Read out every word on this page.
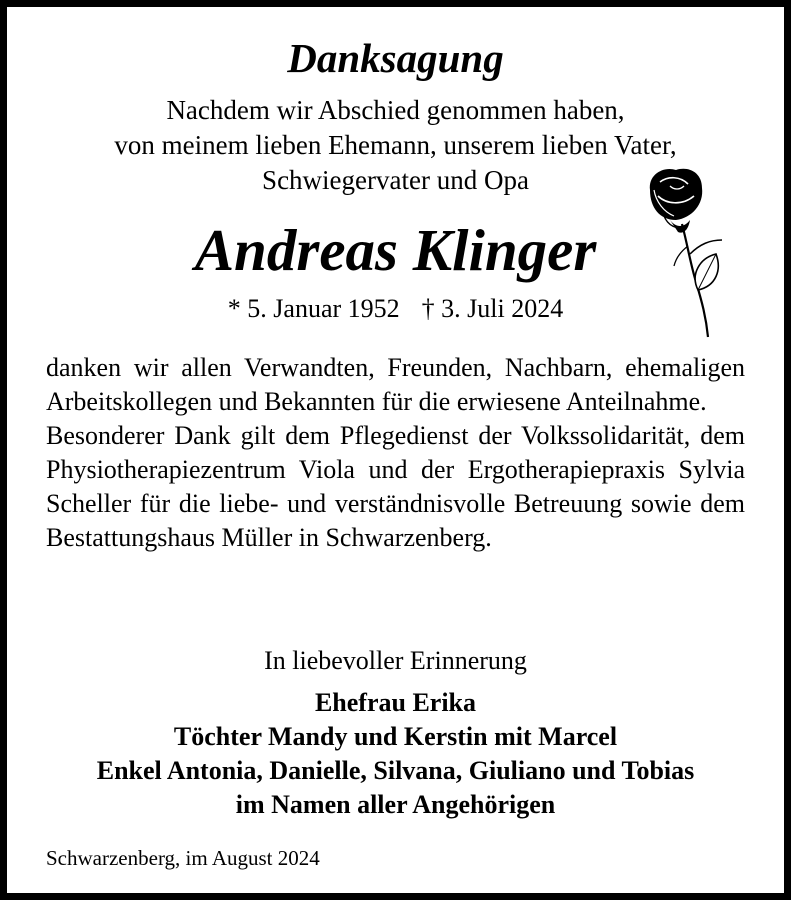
Danksagung
Nachdem wir Abschied genommen haben,
von meinem lieben Ehemann, unserem lieben Vater,
Schwiegervater und Opa
Andreas Klinger
* 5. Januar 1952 † 3. Juli 2024

danken wir allen Verwandten, Freunden, Nachbarn, ehemaligen Arbeitskollegen und Bekannten für die erwiesene Anteilnahme.

Besonderer Dank gilt dem Pflegedienst der Volkssolidarität, dem Physiotherapiezentrum Viola und der Ergotherapiepraxis Sylvia Scheller für die liebe- und verständnisvolle Betreuung sowie dem Bestattungshaus Müller in Schwarzenberg.

In liebevoller Erinnerung
Ehefrau Erika
Töchter Mandy und Kerstin mit Marcel
Enkel Antonia, Danielle, Silvana, Giuliano und Tobias
im Namen aller Angehörigen
Schwarzenberg, im August 2024
